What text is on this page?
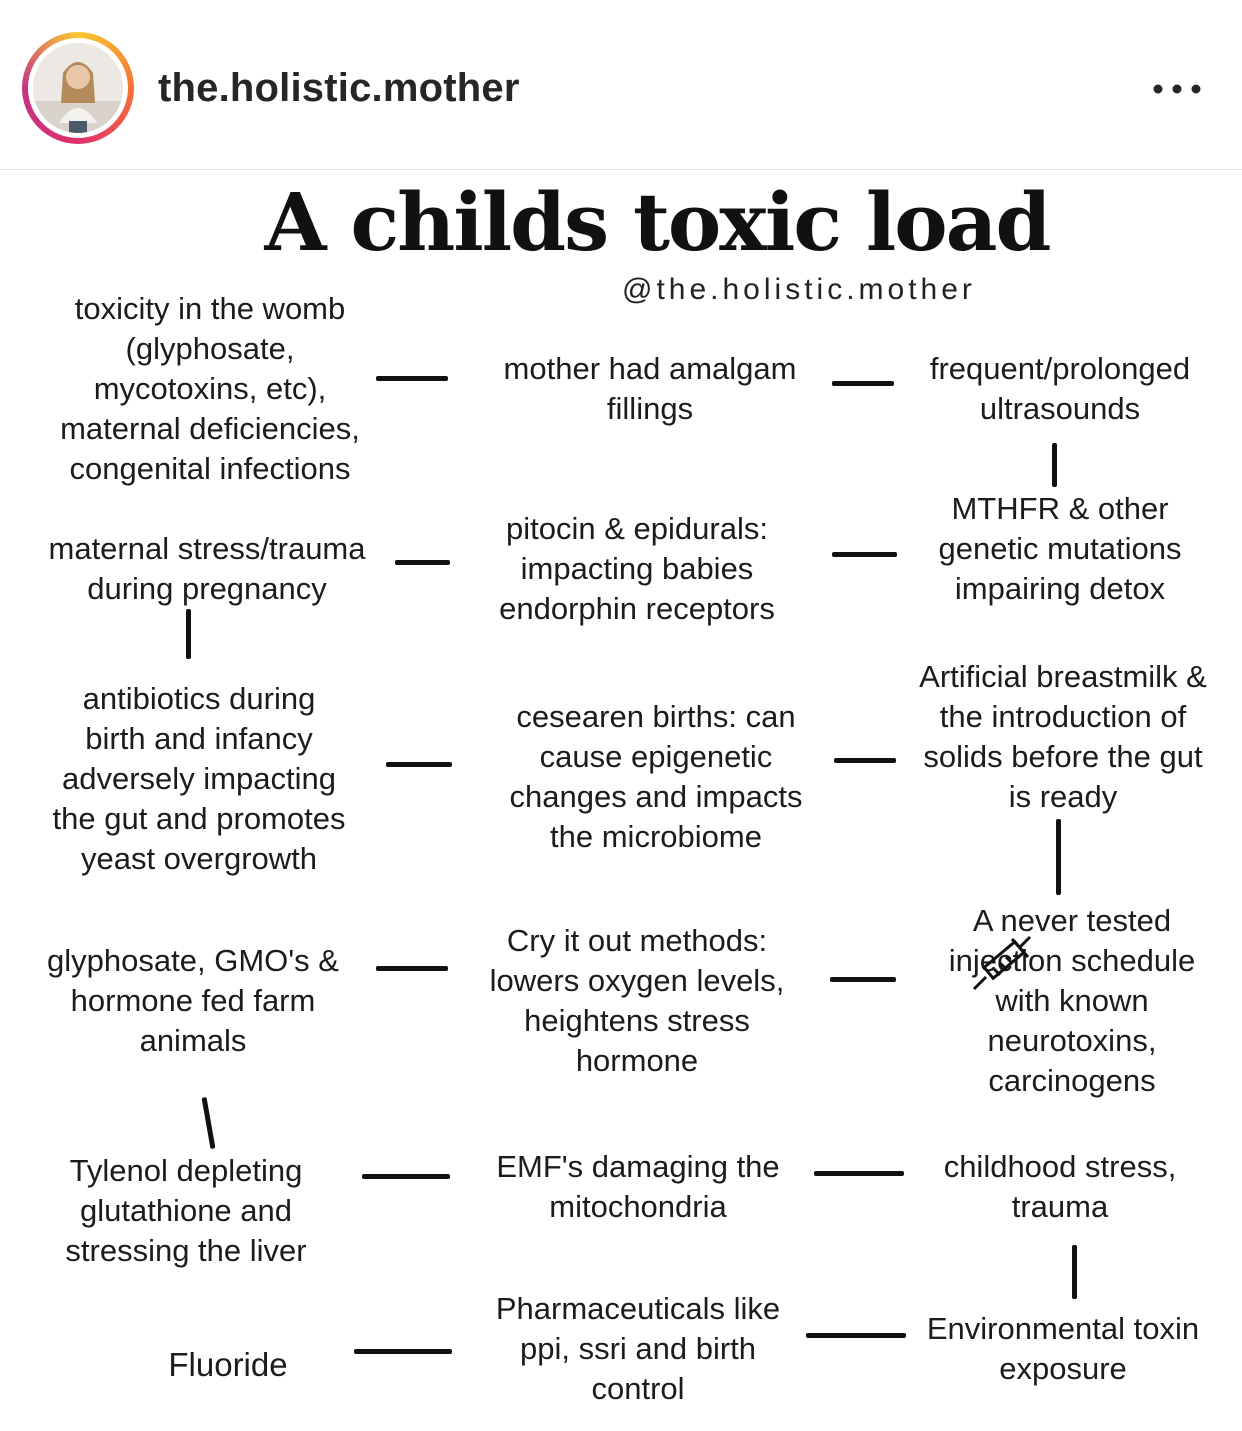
the.holistic.mother
A childs toxic load
@the.holistic.mother
toxicity in the womb
(glyphosate,
mycotoxins, etc),
maternal deficiencies,
congenital infections
mother had amalgam
fillings
frequent/prolonged
ultrasounds
maternal stress/trauma
during pregnancy
pitocin & epidurals:
impacting babies
endorphin receptors
MTHFR & other
genetic mutations
impairing detox
antibiotics during
birth and infancy
adversely impacting
the gut and promotes
yeast overgrowth
cesearen births: can
cause epigenetic
changes and impacts
the microbiome
Artificial breastmilk &
the introduction of
solids before the gut
is ready
glyphosate, GMO's &
hormone fed farm
animals
Cry it out methods:
lowers oxygen levels,
heightens stress
hormone
A never tested
injection schedule
with known
neurotoxins,
carcinogens
Tylenol depleting
glutathione and
stressing the liver
EMF's damaging the
mitochondria
childhood stress,
trauma
Fluoride
Pharmaceuticals like
ppi, ssri and birth
control
Environmental toxin
exposure
